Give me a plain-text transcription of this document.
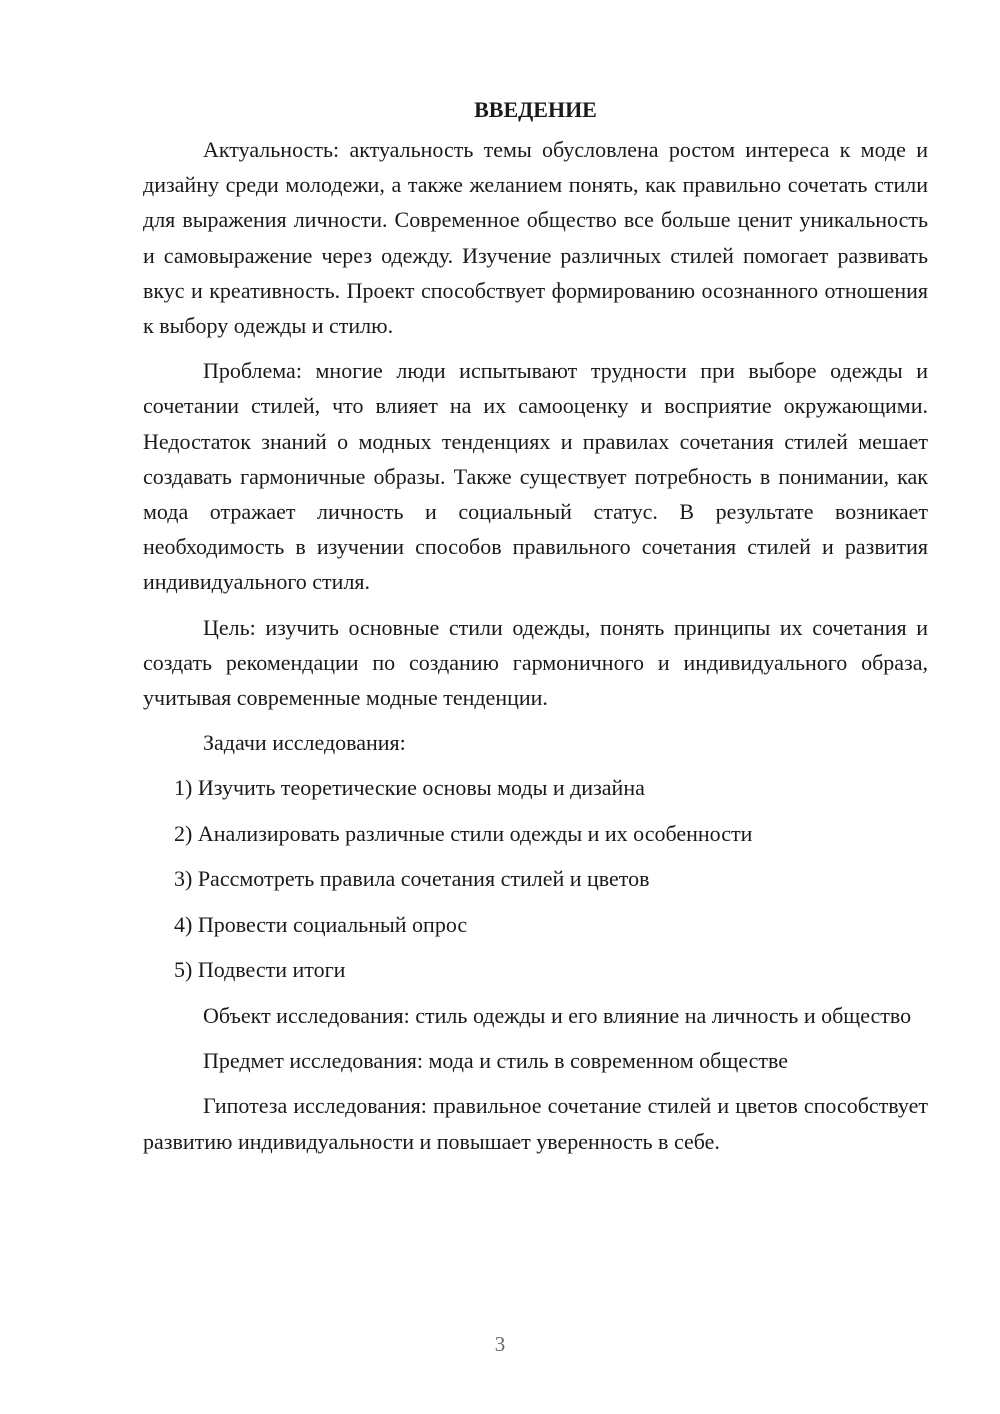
ВВЕДЕНИЕ

Актуальность: актуальность темы обусловлена ростом интереса к моде и дизайну среди молодежи, а также желанием понять, как правильно сочетать стили для выражения личности. Современное общество все больше ценит уникальность и самовыражение через одежду. Изучение различных стилей помогает развивать вкус и креативность. Проект способствует формированию осознанного отношения к выбору одежды и стилю.

Проблема: многие люди испытывают трудности при выборе одежды и сочетании стилей, что влияет на их самооценку и восприятие окружающими. Недостаток знаний о модных тенденциях и правилах сочетания стилей мешает создавать гармоничные образы. Также существует потребность в понимании, как мода отражает личность и социальный статус. В результате возникает необходимость в изучении способов правильного сочетания стилей и развития индивидуального стиля.

Цель: изучить основные стили одежды, понять принципы их сочетания и создать рекомендации по созданию гармоничного и индивидуального образа, учитывая современные модные тенденции.

Задачи исследования:

1) Изучить теоретические основы моды и дизайна
2) Анализировать различные стили одежды и их особенности
3) Рассмотреть правила сочетания стилей и цветов
4) Провести социальный опрос
5) Подвести итоги

Объект исследования: стиль одежды и его влияние на личность и общество

Предмет исследования: мода и стиль в современном обществе

Гипотеза исследования: правильное сочетание стилей и цветов способствует развитию индивидуальности и повышает уверенность в себе.

3
